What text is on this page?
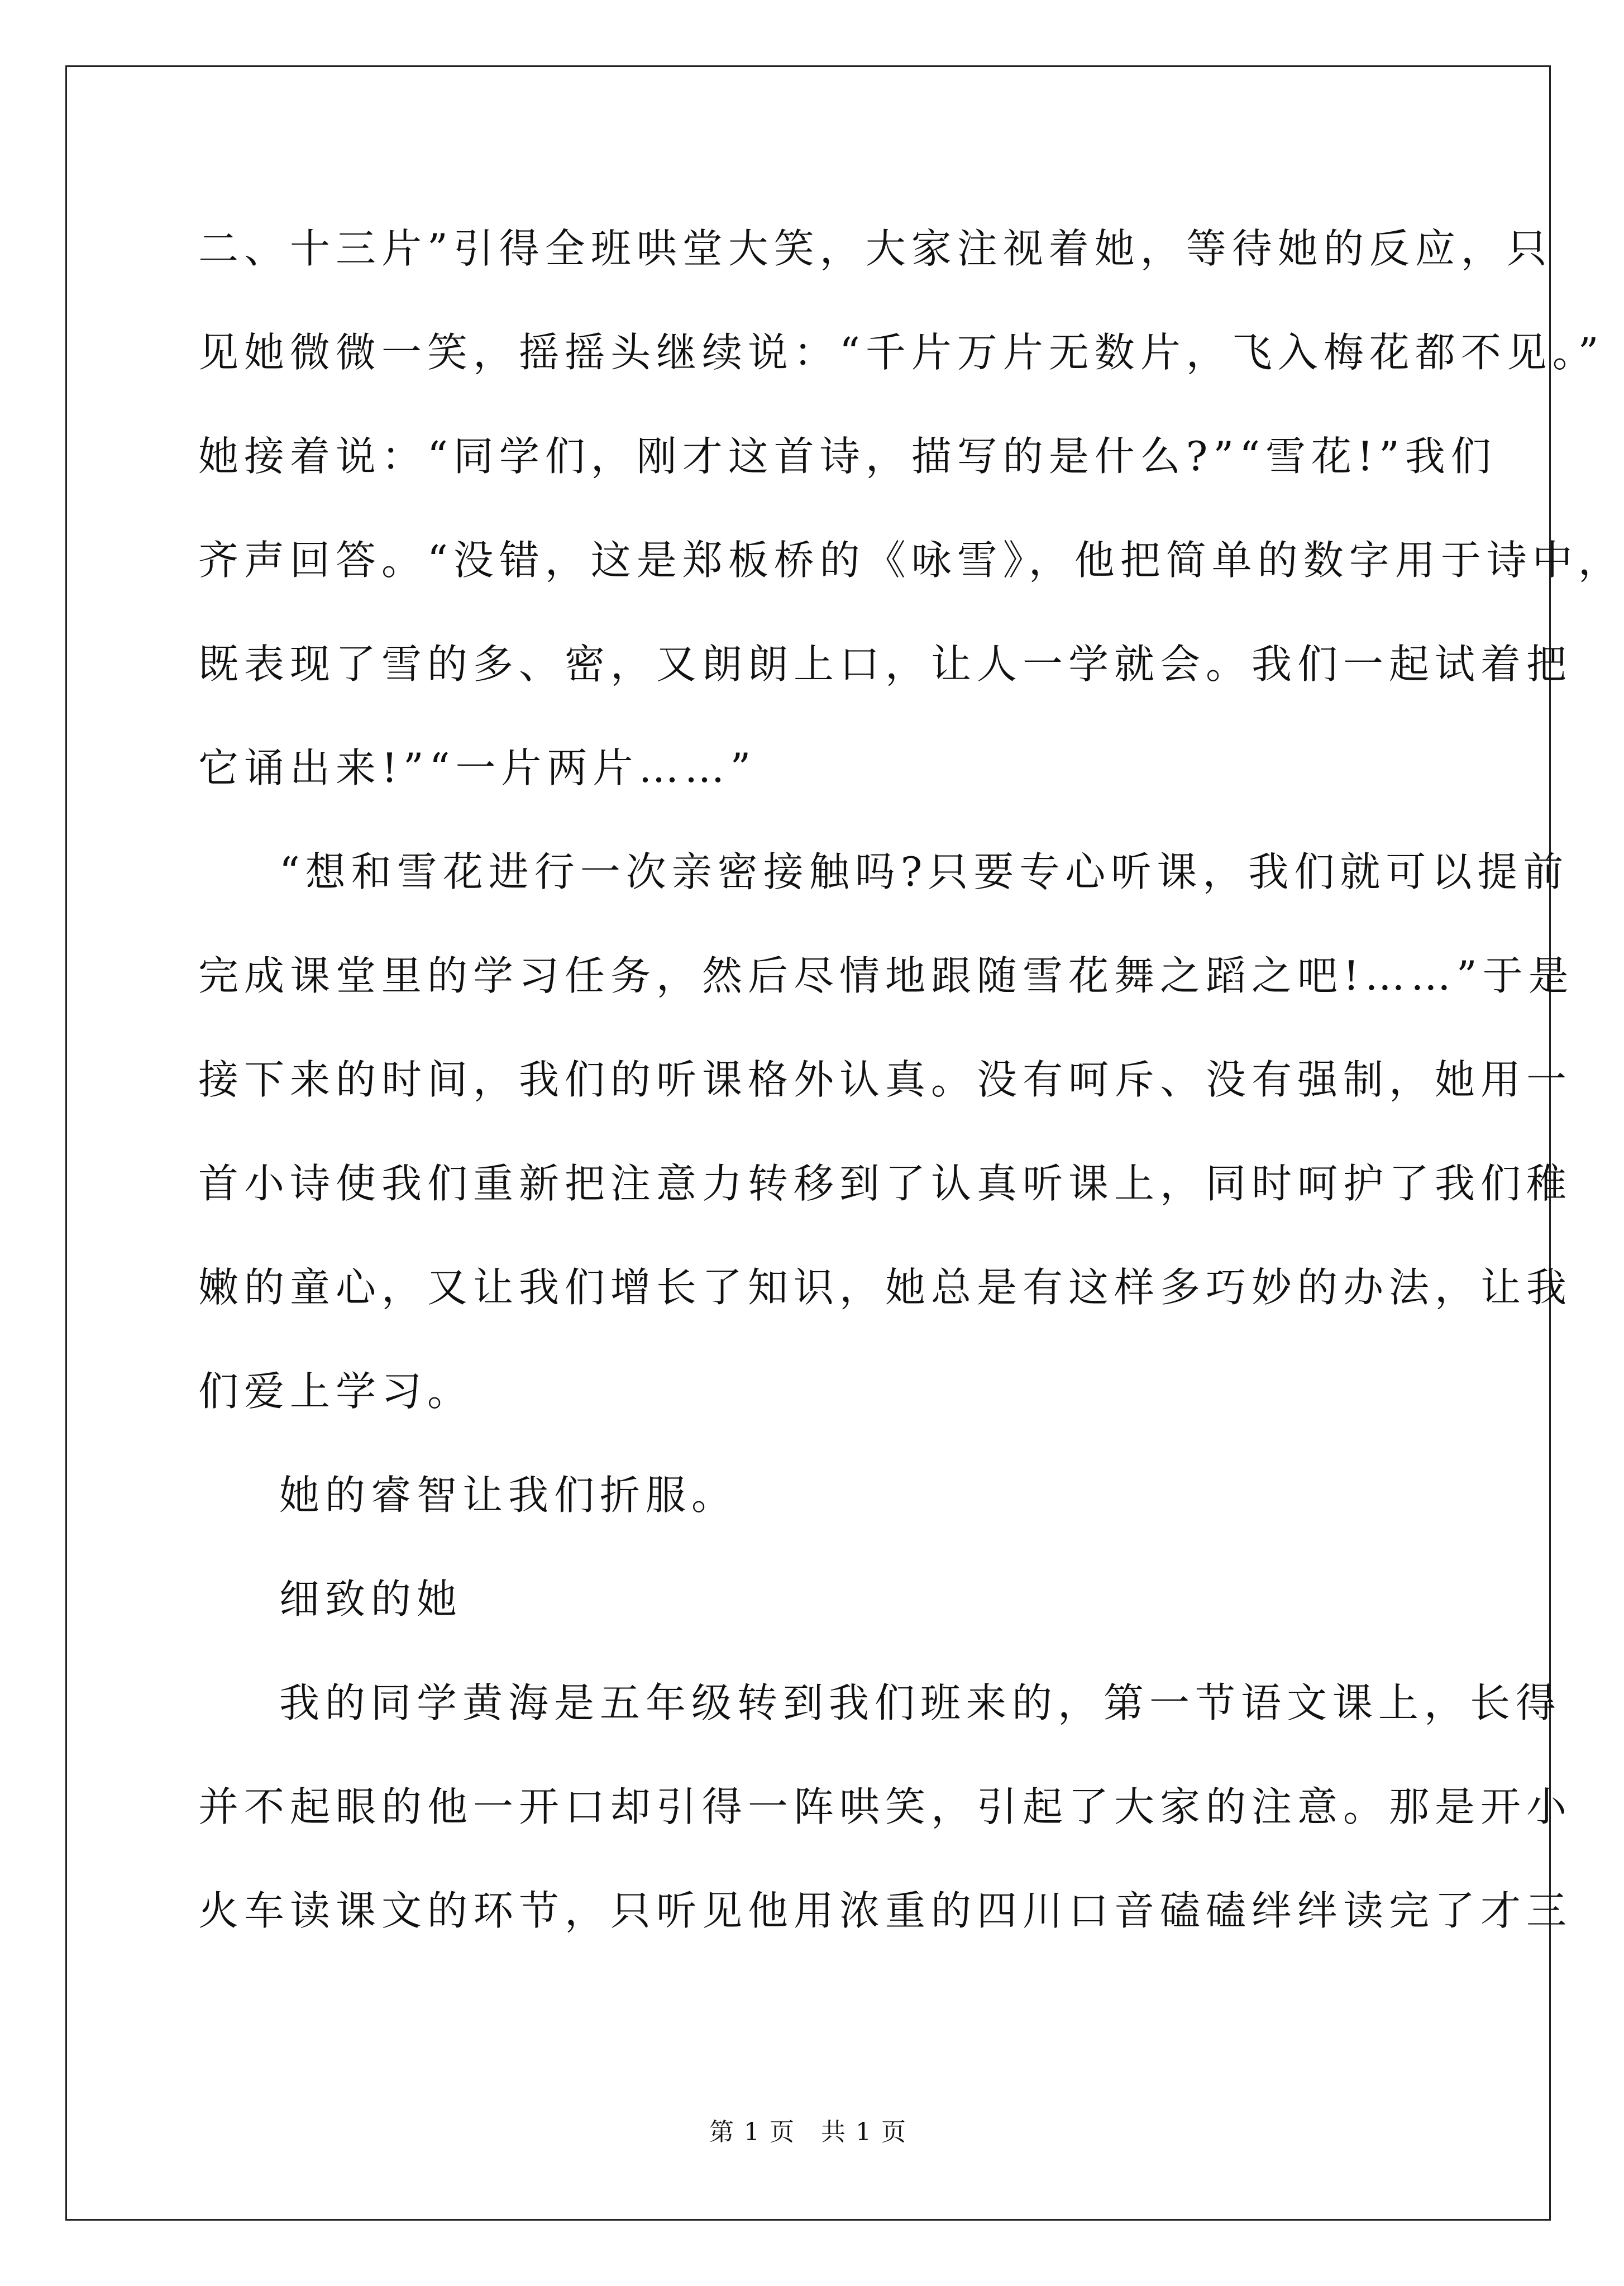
二、十三片”引得全班哄堂大笑，大家注视着她，等待她的反应，只
见她微微一笑，摇摇头继续说：“千片万片无数片，飞入梅花都不见。”
她接着说：“同学们，刚才这首诗，描写的是什么?”“雪花!”我们
齐声回答。“没错，这是郑板桥的《咏雪》，他把简单的数字用于诗中，
既表现了雪的多、密，又朗朗上口，让人一学就会。我们一起试着把
它诵出来!”“一片两片……”
“想和雪花进行一次亲密接触吗?只要专心听课，我们就可以提前
完成课堂里的学习任务，然后尽情地跟随雪花舞之蹈之吧!……”于是
接下来的时间，我们的听课格外认真。没有呵斥、没有强制，她用一
首小诗使我们重新把注意力转移到了认真听课上，同时呵护了我们稚
嫩的童心，又让我们增长了知识，她总是有这样多巧妙的办法，让我
们爱上学习。
她的睿智让我们折服。
细致的她
我的同学黄海是五年级转到我们班来的，第一节语文课上，长得
并不起眼的他一开口却引得一阵哄笑，引起了大家的注意。那是开小
火车读课文的环节，只听见他用浓重的四川口音磕磕绊绊读完了才三
第 1 页　共 1 页
